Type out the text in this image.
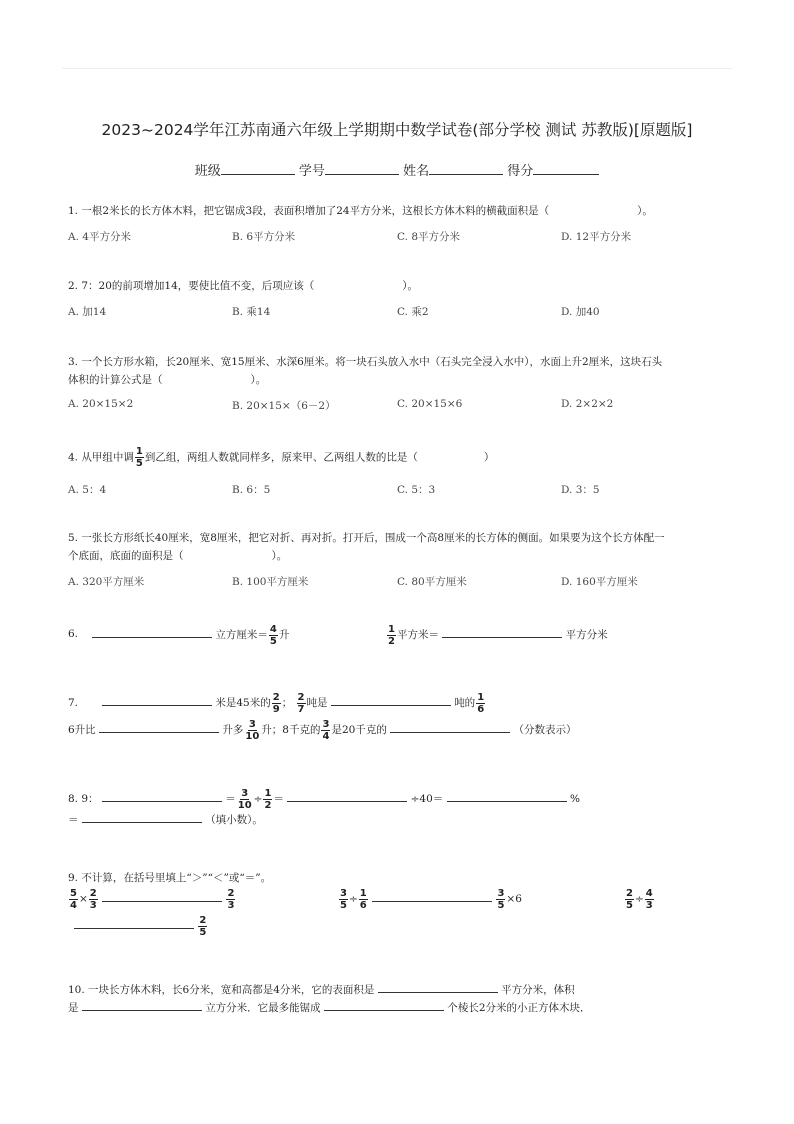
2023~2024学年江苏南通六年级上学期期中数学试卷(部分学校 测试 苏教版)[原题版]
班级	学号	姓名	得分
1. 一根2米长的长方体木料，把它锯成3段，表面积增加了24平方分米，这根长方体木料的横截面积是（	）。
A. 4平方分米	B. 6平方分米	C. 8平方分米	D. 12平方分米
2. 7：20的前项增加14，要使比值不变，后项应该（	）。
A. 加14	B. 乘14	C. 乘2	D. 加40
3. 一个长方形水箱，长20厘米、宽15厘米、水深6厘米。将一块石头放入水中（石头完全浸入水中），水面上升2厘米，这块石头
体积的计算公式是（	）。
A. 20×15×2	B. 20×15×（6－2）	C. 20×15×6	D. 2×2×2
4. 从甲组中调 $\frac{1}{5}$ 到乙组，两组人数就同样多，原来甲、乙两组人数的比是（	）
A. 5：4	B. 6：5	C. 5：3	D. 3：5
5. 一张长方形纸长40厘米，宽8厘米，把它对折、再对折。打开后，围成一个高8厘米的长方体的侧面。如果要为这个长方体配一
个底面，底面的面积是（	）。
A. 320平方厘米	B. 100平方厘米	C. 80平方厘米	D. 160平方厘米
6.	立方厘米＝ $\frac{4}{5}$ 升	$\frac{1}{2}$ 平方米＝	平方分米
7.	米是45米的 $\frac{2}{9}$ ； $\frac{2}{7}$ 吨是	吨的 $\frac{1}{6}$
6升比	升多 $\frac{3}{10}$ 升；8千克的 $\frac{3}{4}$ 是20千克的	（分数表示）
8. 9：	＝ $\frac{3}{10} \div \frac{1}{2}$ ＝	÷40＝	%
＝	（填小数）。
9. 不计算，在括号里填上“＞”“＜”或“＝”。
$\frac{5}{4} \times \frac{2}{3}$
	$\frac{2}{3}$	$\frac{3}{5} \div \frac{1}{6}$
	$\frac{3}{5} \times 6$	$\frac{2}{5} \div \frac{4}{3}$

$\frac{2}{5}$
10. 一块长方体木料，长6分米，宽和高都是4分米，它的表面积是	平方分米，体积
是	立方分米．它最多能锯成	个棱长2分米的小正方体木块．
